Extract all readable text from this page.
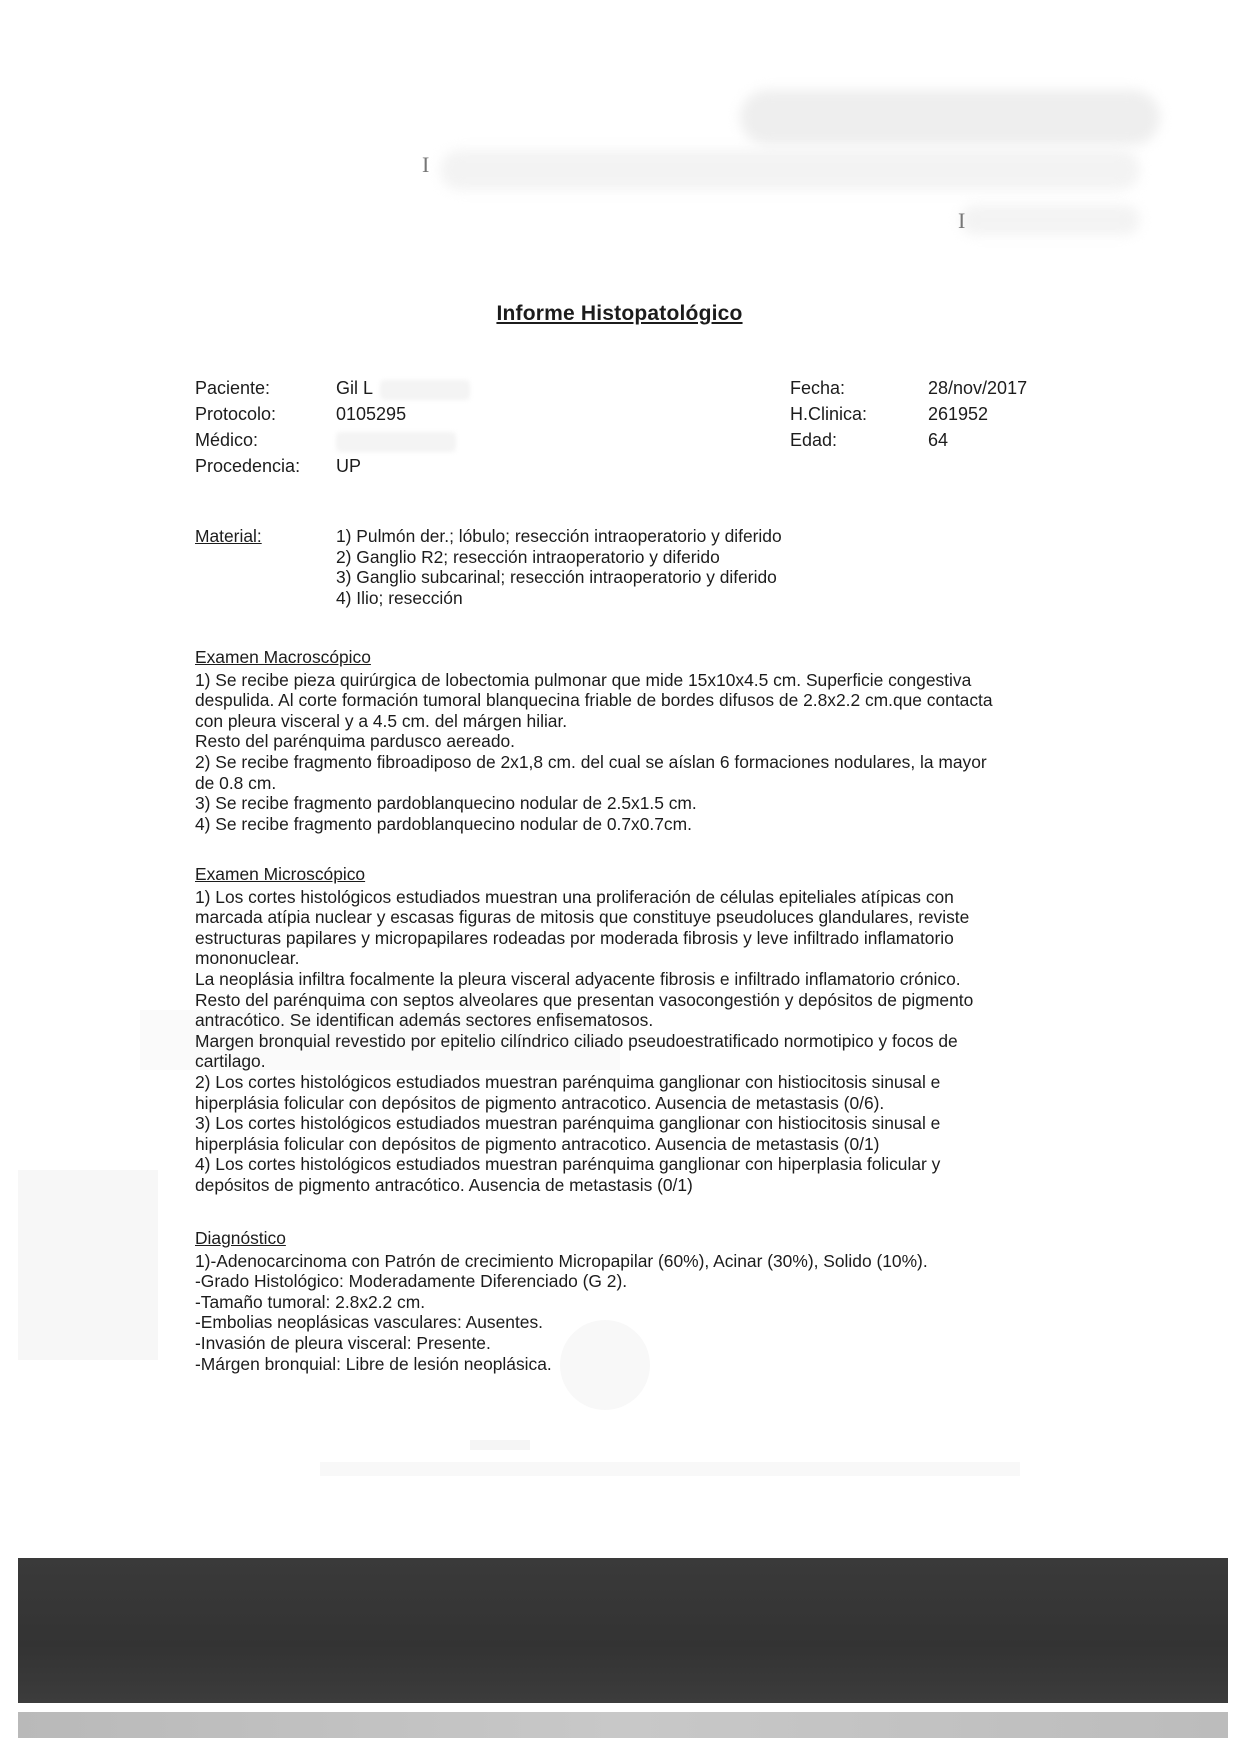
I
I
Informe Histopatológico
Paciente:	Gil L
Protocolo:	0105295
Médico:
Procedencia: UP
Fecha:	28/nov/2017
H.Clinica:	261952
Edad:	64
Material:	1) Pulmón der.; lóbulo; resección intraoperatorio y diferido
2) Ganglio R2; resección intraoperatorio y diferido
3) Ganglio subcarinal; resección intraoperatorio y diferido
4) Ilio; resección
Examen Macroscópico
1) Se recibe pieza quirúrgica de lobectomia pulmonar que mide 15x10x4.5 cm. Superficie congestiva
despulida. Al corte formación tumoral blanquecina friable de bordes difusos de 2.8x2.2 cm.que contacta
con pleura visceral y a 4.5 cm. del márgen hiliar.
Resto del parénquima pardusco aereado.
2) Se recibe fragmento fibroadiposo de 2x1,8 cm. del cual se aíslan 6 formaciones nodulares, la mayor
de 0.8 cm.
3) Se recibe fragmento pardoblanquecino nodular de 2.5x1.5 cm.
4) Se recibe fragmento pardoblanquecino nodular de 0.7x0.7cm.
Examen Microscópico
1) Los cortes histológicos estudiados muestran una proliferación de células epiteliales atípicas con
marcada atípia nuclear y escasas figuras de mitosis que constituye pseudoluces glandulares, reviste
estructuras papilares y micropapilares rodeadas por moderada fibrosis y leve infiltrado inflamatorio
mononuclear.
La neoplásia infiltra focalmente la pleura visceral adyacente fibrosis e infiltrado inflamatorio crónico.
Resto del parénquima con septos alveolares que presentan vasocongestión y depósitos de pigmento
antracótico. Se identifican además sectores enfisematosos.
Margen bronquial revestido por epitelio cilíndrico ciliado pseudoestratificado normotipico y focos de
cartilago.
2) Los cortes histológicos estudiados muestran parénquima ganglionar con histiocitosis sinusal e
hiperplásia folicular con depósitos de pigmento antracotico. Ausencia de metastasis (0/6).
3) Los cortes histológicos estudiados muestran parénquima ganglionar con histiocitosis sinusal e
hiperplásia folicular con depósitos de pigmento antracotico. Ausencia de metastasis (0/1)
4) Los cortes histológicos estudiados muestran parénquima ganglionar con hiperplasia folicular y
depósitos de pigmento antracótico. Ausencia de metastasis (0/1)
Diagnóstico
1)-Adenocarcinoma con Patrón de crecimiento Micropapilar (60%), Acinar (30%), Solido (10%).
-Grado Histológico: Moderadamente Diferenciado (G 2).
-Tamaño tumoral: 2.8x2.2 cm.
-Embolias neoplásicas vasculares: Ausentes.
-Invasión de pleura visceral: Presente.
-Márgen bronquial: Libre de lesión neoplásica.
